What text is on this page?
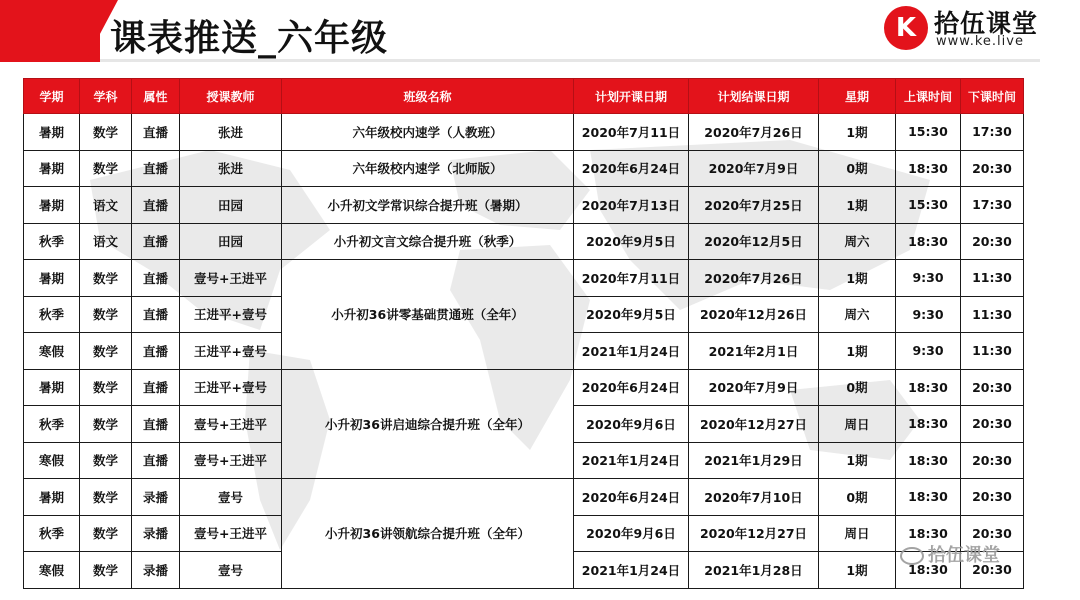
课表推送_六年级	K 拾伍课堂
www.ke.live
学期	学科	属性	授课教师	班级名称	计划开课日期	计划结课日期	星期	上课时间	下课时间
暑期	数学	直播	张进	六年级校内速学（人教班）	2020年7月11日	2020年7月26日	1期	15:30	17:30
暑期	数学	直播	张进	六年级校内速学（北师版）	2020年6月24日	2020年7月9日	0期	18:30	20:30
暑期	语文	直播	田园	小升初文学常识综合提升班（暑期）	2020年7月13日	2020年7月25日	1期	15:30	17:30
秋季	语文	直播	田园	小升初文言文综合提升班（秋季）	2020年9月5日	2020年12月5日	周六	18:30	20:30
暑期	数学	直播	壹号+王进平	小升初36讲零基础贯通班（全年）	2020年7月11日	2020年7月26日	1期	9:30	11:30
秋季	数学	直播	王进平+壹号		2020年9月5日	2020年12月26日	周六	9:30	11:30
寒假	数学	直播	王进平+壹号		2021年1月24日	2021年2月1日	1期	9:30	11:30
暑期	数学	直播	王进平+壹号	小升初36讲启迪综合提升班（全年）	2020年6月24日	2020年7月9日	0期	18:30	20:30
秋季	数学	直播	壹号+王进平		2020年9月6日	2020年12月27日	周日	18:30	20:30
寒假	数学	直播	壹号+王进平		2021年1月24日	2021年1月29日	1期	18:30	20:30
暑期	数学	录播	壹号	小升初36讲领航综合提升班（全年）	2020年6月24日	2020年7月10日	0期	18:30	20:30
秋季	数学	录播	壹号+王进平		2020年9月6日	2020年12月27日	周日	18:30	20:30
寒假	数学	录播	壹号		2021年1月24日	2021年1月28日	1期	18:30	20:30
拾伍课堂
